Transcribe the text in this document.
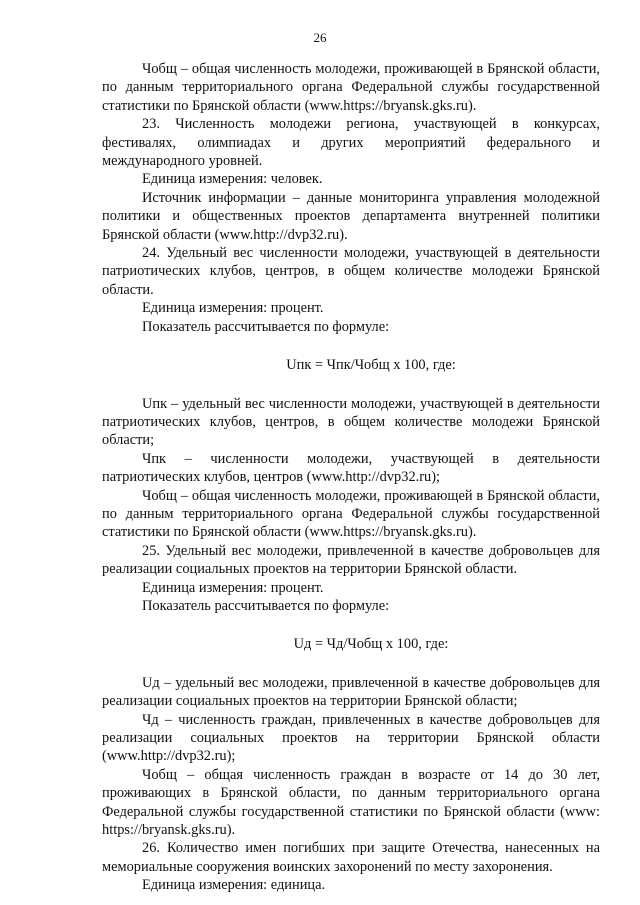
26

Чобщ – общая численность молодежи, проживающей в Брянской области, по данным территориального органа Федеральной службы государственной статистики по Брянской области (www.https://bryansk.gks.ru).

23. Численность молодежи региона, участвующей в конкурсах, фестивалях, олимпиадах и других мероприятий федерального и международного уровней.

Единица измерения: человек.

Источник информации – данные мониторинга управления молодежной политики и общественных проектов департамента внутренней политики Брянской области (www.http://dvp32.ru).

24. Удельный вес численности молодежи, участвующей в деятельности патриотических клубов, центров, в общем количестве молодежи Брянской области.

Единица измерения: процент.

Показатель рассчитывается по формуле:

Uпк = Чпк/Чобщ х 100, где:

Uпк – удельный вес численности молодежи, участвующей в деятельности патриотических клубов, центров, в общем количестве молодежи Брянской области;

Чпк – численности молодежи, участвующей в деятельности патриотических клубов, центров (www.http://dvp32.ru);

Чобщ – общая численность молодежи, проживающей в Брянской области, по данным территориального органа Федеральной службы государственной статистики по Брянской области (www.https://bryansk.gks.ru).

25. Удельный вес молодежи, привлеченной в качестве добровольцев для реализации социальных проектов на территории Брянской области.

Единица измерения: процент.

Показатель рассчитывается по формуле:

Uд = Чд/Чобщ х 100, где:

Uд – удельный вес молодежи, привлеченной в качестве добровольцев для реализации социальных проектов на территории Брянской области;

Чд – численность граждан, привлеченных в качестве добровольцев для реализации социальных проектов на территории Брянской области (www.http://dvp32.ru);

Чобщ – общая численность граждан в возрасте от 14 до 30 лет, проживающих в Брянской области, по данным территориального органа Федеральной службы государственной статистики по Брянской области (www: https://bryansk.gks.ru).

26. Количество имен погибших при защите Отечества, нанесенных на мемориальные сооружения воинских захоронений по месту захоронения.

Единица измерения: единица.
